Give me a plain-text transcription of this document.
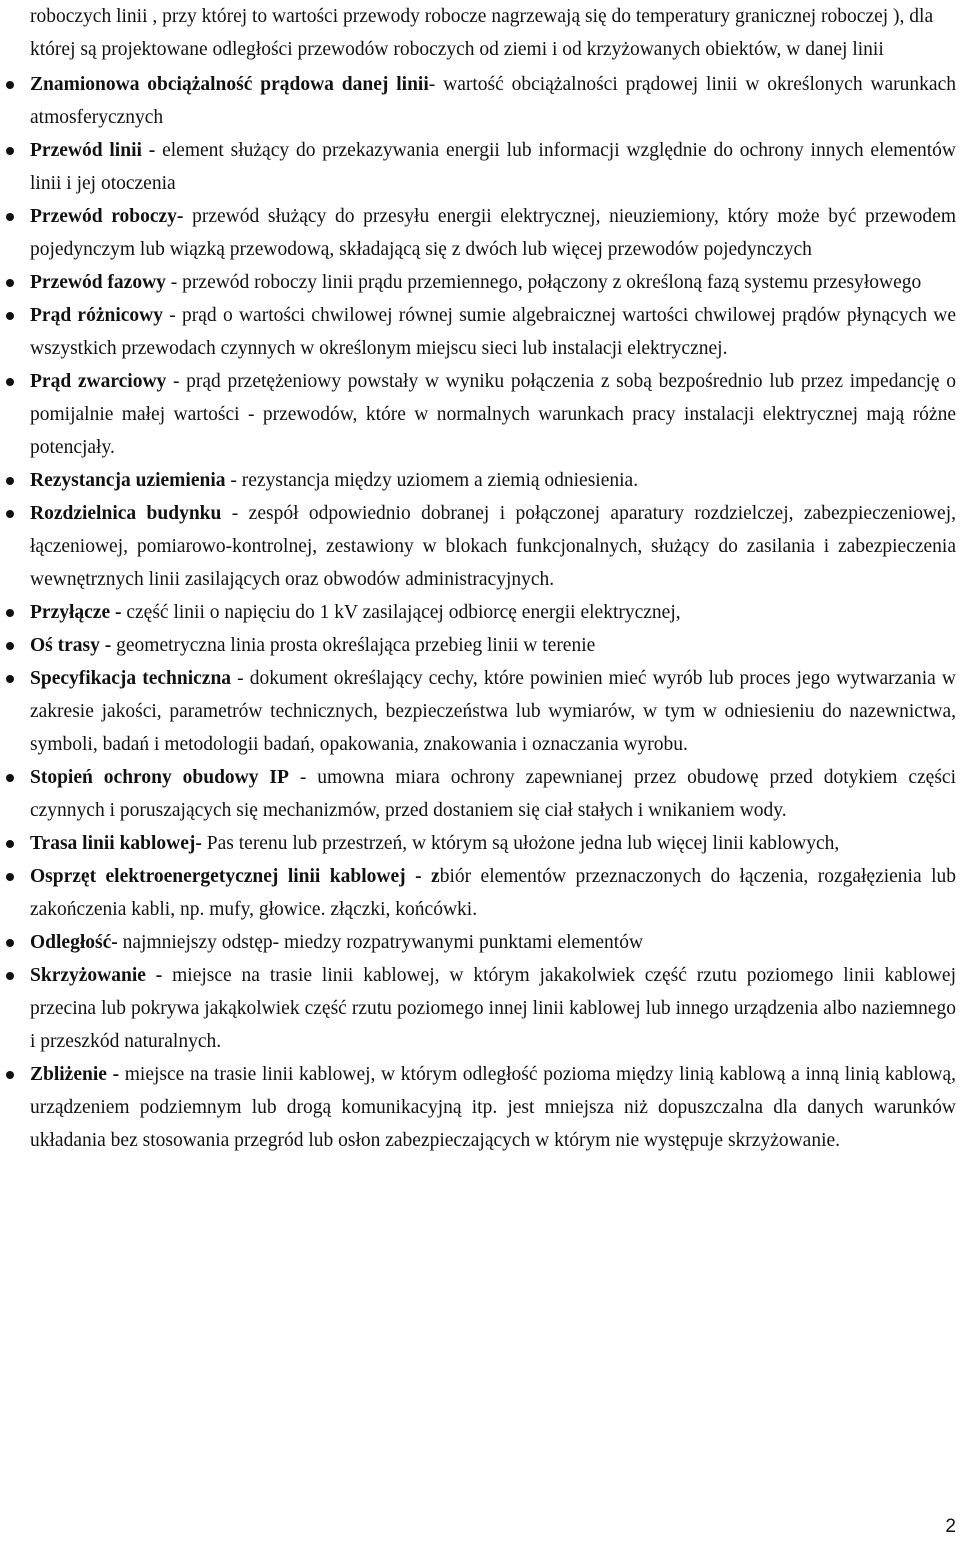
roboczych linii , przy której to wartości przewody robocze nagrzewają się do temperatury granicznej roboczej ), dla której są projektowane odległości przewodów roboczych od ziemi i od krzyżowanych obiektów, w danej linii

Znamionowa obciążalność prądowa danej linii- wartość obciążalności prądowej linii w określonych warunkach atmosferycznych
Przewód linii - element służący do przekazywania energii lub informacji względnie do ochrony innych elementów linii i jej otoczenia
Przewód roboczy- przewód służący do przesyłu energii elektrycznej, nieuziemiony, który może być przewodem pojedynczym lub wiązką przewodową, składającą się z dwóch lub więcej przewodów pojedynczych
Przewód fazowy - przewód roboczy linii prądu przemiennego, połączony z określoną fazą systemu przesyłowego
Prąd różnicowy - prąd o wartości chwilowej równej sumie algebraicznej wartości chwilowej prądów płynących we wszystkich przewodach czynnych w określonym miejscu sieci lub instalacji elektrycznej.
Prąd zwarciowy - prąd przetężeniowy powstały w wyniku połączenia z sobą bezpośrednio lub przez impedancję o pomijalnie małej wartości - przewodów, które w normalnych warunkach pracy instalacji elektrycznej mają różne potencjały.
Rezystancja uziemienia - rezystancja między uziomem a ziemią odniesienia.
Rozdzielnica budynku - zespół odpowiednio dobranej i połączonej aparatury rozdzielczej, zabezpieczeniowej, łączeniowej, pomiarowo-kontrolnej, zestawiony w blokach funkcjonalnych, służący do zasilania i zabezpieczenia wewnętrznych linii zasilających oraz obwodów administracyjnych.
Przyłącze - część linii o napięciu do 1 kV zasilającej odbiorcę energii elektrycznej,
Oś trasy - geometryczna linia prosta określająca przebieg linii w terenie
Specyfikacja techniczna - dokument określający cechy, które powinien mieć wyrób lub proces jego wytwarzania w zakresie jakości, parametrów technicznych, bezpieczeństwa lub wymiarów, w tym w odniesieniu do nazewnictwa, symboli, badań i metodologii badań, opakowania, znakowania i oznaczania wyrobu.
Stopień ochrony obudowy IP - umowna miara ochrony zapewnianej przez obudowę przed dotykiem części czynnych i poruszających się mechanizmów, przed dostaniem się ciał stałych i wnikaniem wody.
Trasa linii kablowej- Pas terenu lub przestrzeń, w którym są ułożone jedna lub więcej linii kablowych,
Osprzęt elektroenergetycznej linii kablowej - zbiór elementów przeznaczonych do łączenia, rozgałęzienia lub zakończenia kabli, np. mufy, głowice. złączki, końcówki.
Odległość- najmniejszy odstęp- miedzy rozpatrywanymi punktami elementów
Skrzyżowanie - miejsce na trasie linii kablowej, w którym jakakolwiek część rzutu poziomego linii kablowej przecina lub pokrywa jakąkolwiek część rzutu poziomego innej linii kablowej lub innego urządzenia albo naziemnego i przeszkód naturalnych.
Zbliżenie - miejsce na trasie linii kablowej, w którym odległość pozioma między linią kablową a inną linią kablową, urządzeniem podziemnym lub drogą komunikacyjną itp. jest mniejsza niż dopuszczalna dla danych warunków układania bez stosowania przegród lub osłon zabezpieczających w którym nie występuje skrzyżowanie.
2
